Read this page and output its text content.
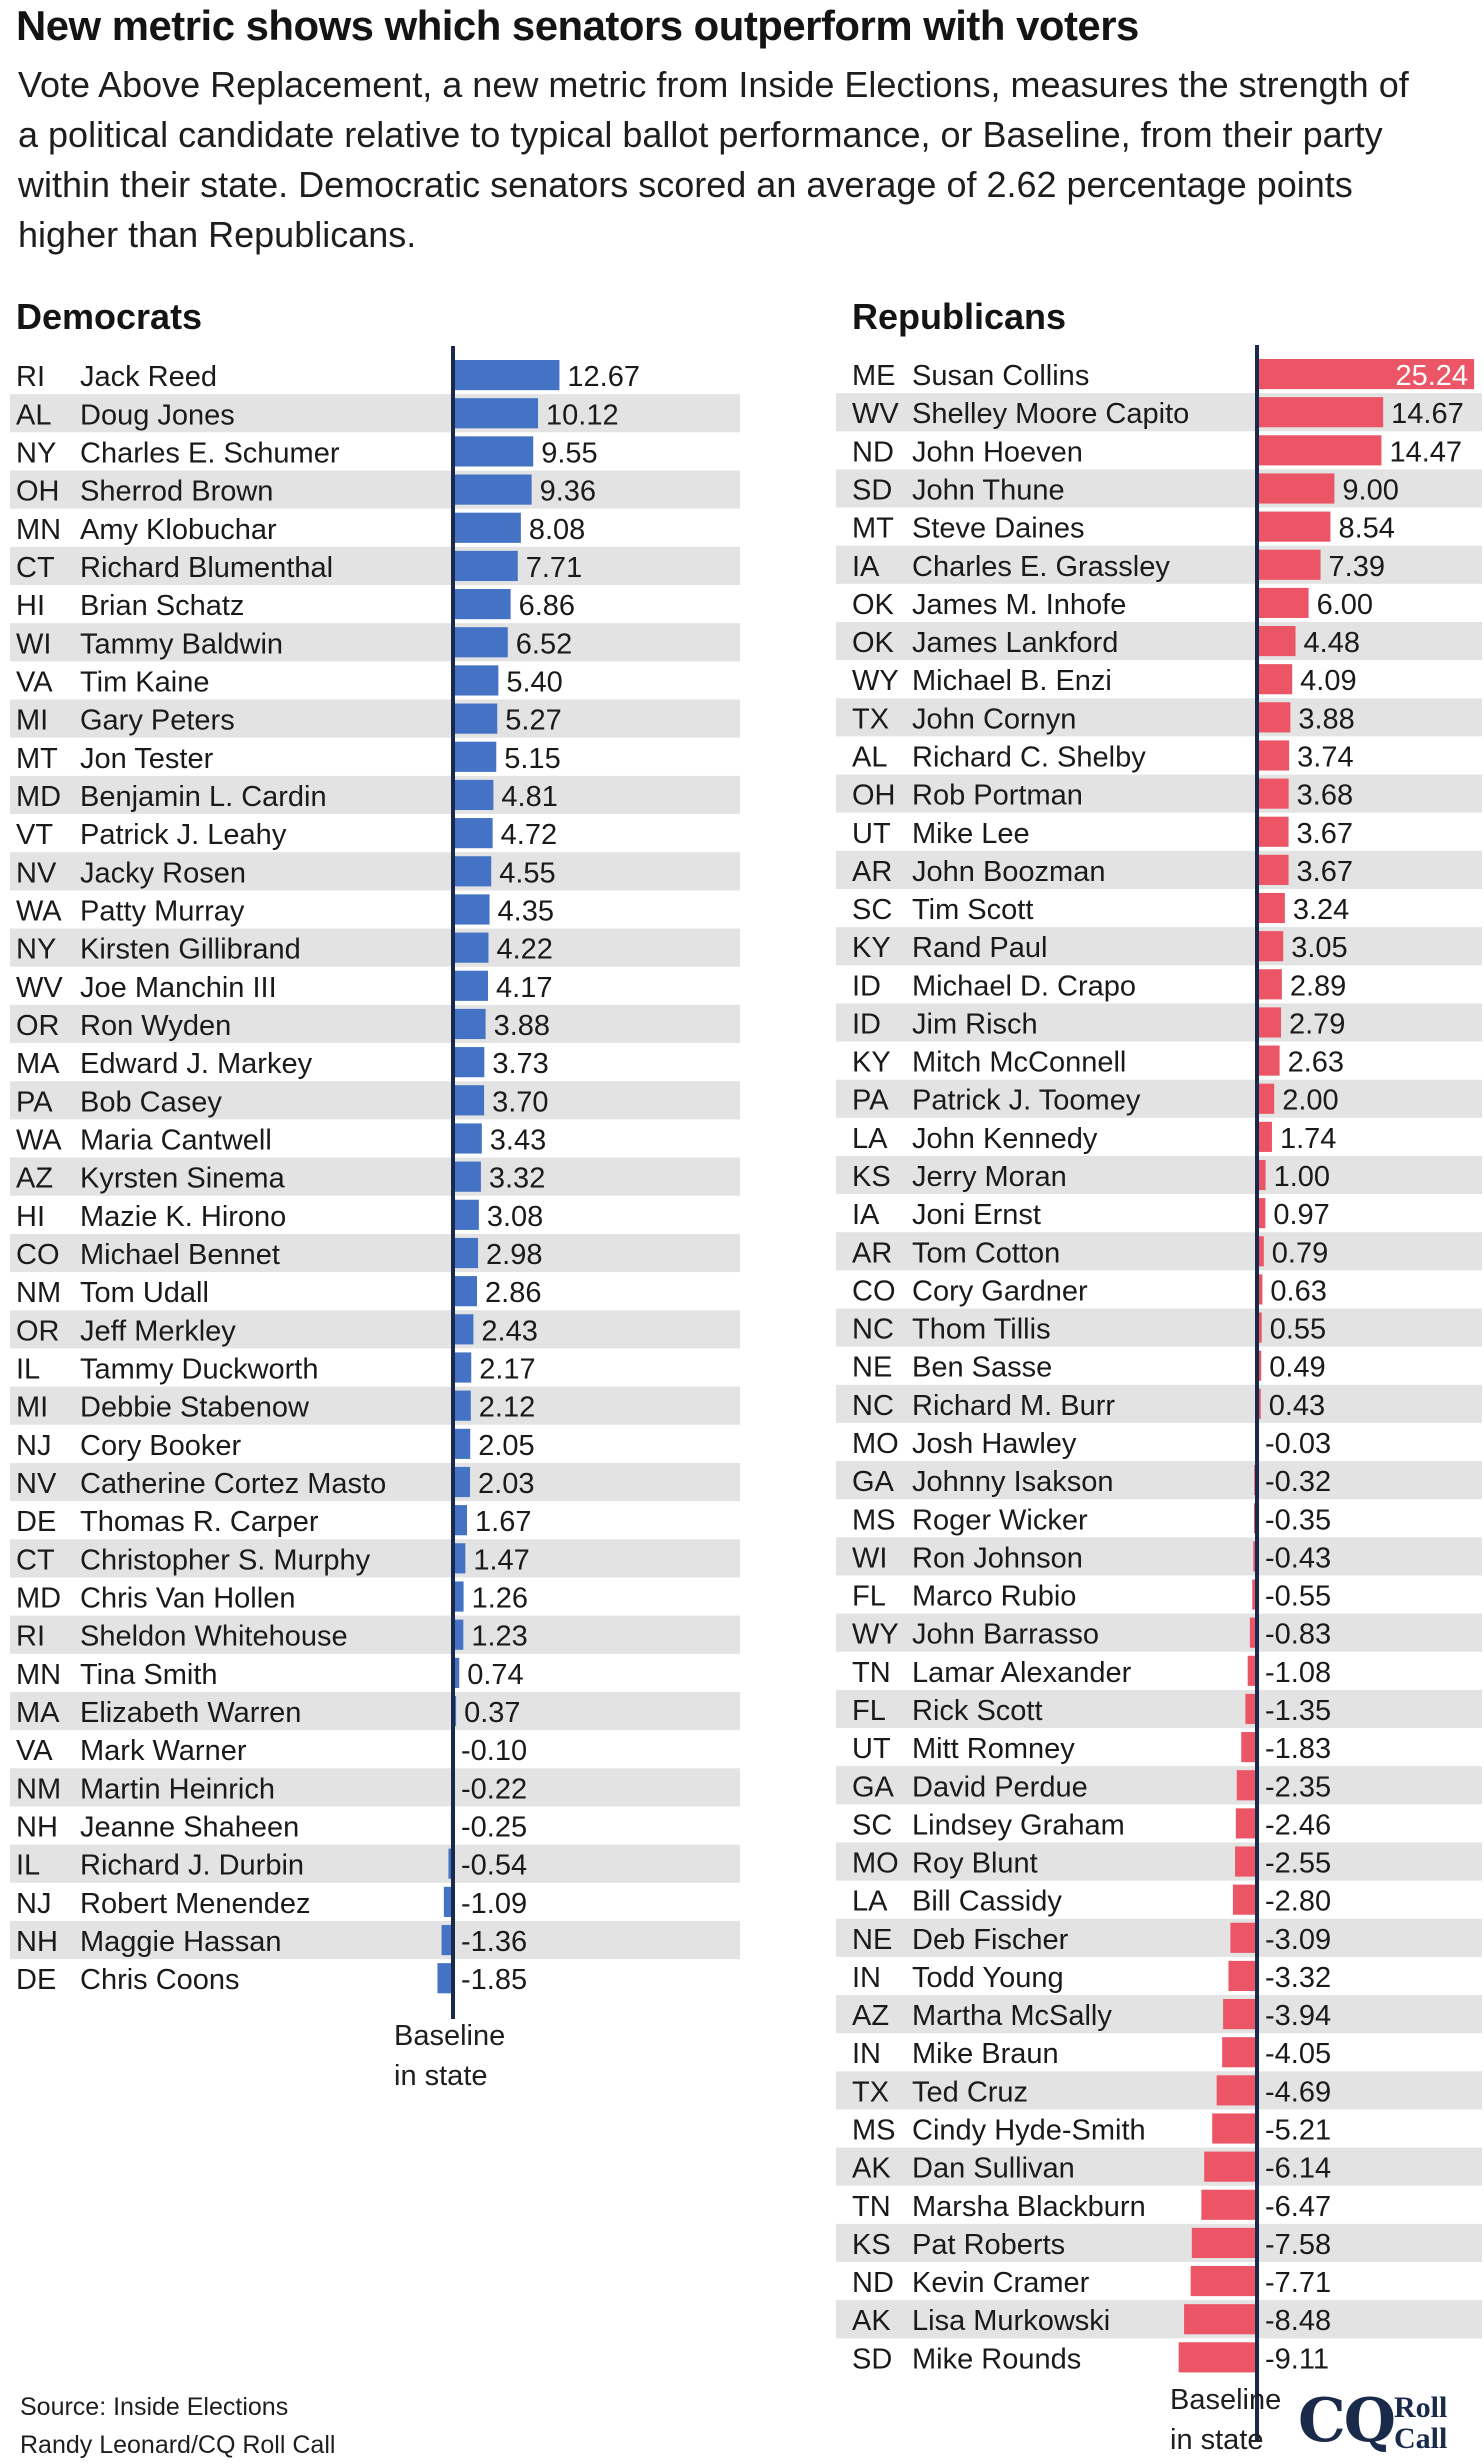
New metric shows which senators outperform with voters

Vote Above Replacement, a new metric from Inside Elections, measures the strength of a political candidate relative to typical ballot performance, or Baseline, from their party within their state. Democratic senators scored an average of 2.62 percentage points higher than Republicans.

Democrats
RI Jack Reed	12.67
AL Doug Jones	10.12
NY Charles E. Schumer	9.55
OH Sherrod Brown	9.36
MN Amy Klobuchar	8.08
CT Richard Blumenthal	7.71
HI Brian Schatz	6.86
WI Tammy Baldwin	6.52
VA Tim Kaine	5.40
MI Gary Peters	5.27
MT Jon Tester	5.15
MD Benjamin L. Cardin	4.81
VT Patrick J. Leahy	4.72
NV Jacky Rosen	4.55
WA Patty Murray	4.35
NY Kirsten Gillibrand	4.22
WV Joe Manchin III	4.17
OR Ron Wyden	3.88
MA Edward J. Markey	3.73
PA Bob Casey	3.70
WA Maria Cantwell	3.43
AZ Kyrsten Sinema	3.32
HI Mazie K. Hirono	3.08
CO Michael Bennet	2.98
NM Tom Udall	2.86
OR Jeff Merkley	2.43
IL Tammy Duckworth	2.17
MI Debbie Stabenow	2.12
NJ Cory Booker	2.05
NV Catherine Cortez Masto	2.03
DE Thomas R. Carper	1.67
CT Christopher S. Murphy	1.47
MD Chris Van Hollen	1.26
RI Sheldon Whitehouse	1.23
MN Tina Smith	0.74
MA Elizabeth Warren	0.37
VA Mark Warner	-0.10
NM Martin Heinrich	-0.22
NH Jeanne Shaheen	-0.25
IL Richard J. Durbin	-0.54
NJ Robert Menendez	-1.09
NH Maggie Hassan	-1.36
DE Chris Coons	-1.85
Republicans
ME Susan Collins	25.24
WV Shelley Moore Capito	14.67
ND John Hoeven	14.47
SD John Thune	9.00
MT Steve Daines	8.54
IA Charles E. Grassley	7.39
OK James M. Inhofe	6.00
OK James Lankford	4.48
WY Michael B. Enzi	4.09
TX John Cornyn	3.88
AL Richard C. Shelby	3.74
OH Rob Portman	3.68
UT Mike Lee	3.67
AR John Boozman	3.67
SC Tim Scott	3.24
KY Rand Paul	3.05
ID Michael D. Crapo	2.89
ID Jim Risch	2.79
KY Mitch McConnell	2.63
PA Patrick J. Toomey	2.00
LA John Kennedy	1.74
KS Jerry Moran	1.00
IA Joni Ernst	0.97
AR Tom Cotton	0.79
CO Cory Gardner	0.63
NC Thom Tillis	0.55
NE Ben Sasse	0.49
NC Richard M. Burr	0.43
MO Josh Hawley	-0.03
GA Johnny Isakson	-0.32
MS Roger Wicker	-0.35
WI Ron Johnson	-0.43
FL Marco Rubio	-0.55
WY John Barrasso	-0.83
TN Lamar Alexander	-1.08
FL Rick Scott	-1.35
UT Mitt Romney	-1.83
GA David Perdue	-2.35
SC Lindsey Graham	-2.46
MO Roy Blunt	-2.55
LA Bill Cassidy	-2.80
NE Deb Fischer	-3.09
IN Todd Young	-3.32
AZ Martha McSally	-3.94
IN Mike Braun	-4.05
TX Ted Cruz	-4.69
MS Cindy Hyde-Smith	-5.21
AK Dan Sullivan	-6.14
TN Marsha Blackburn	-6.47
KS Pat Roberts	-7.58
ND Kevin Cramer	-7.71
AK Lisa Murkowski	-8.48
SD Mike Rounds	-9.11
Baseline
in state
Baseline
in state
Source: Inside Elections
Randy Leonard/CQ Roll Call	CQ Roll
Call
